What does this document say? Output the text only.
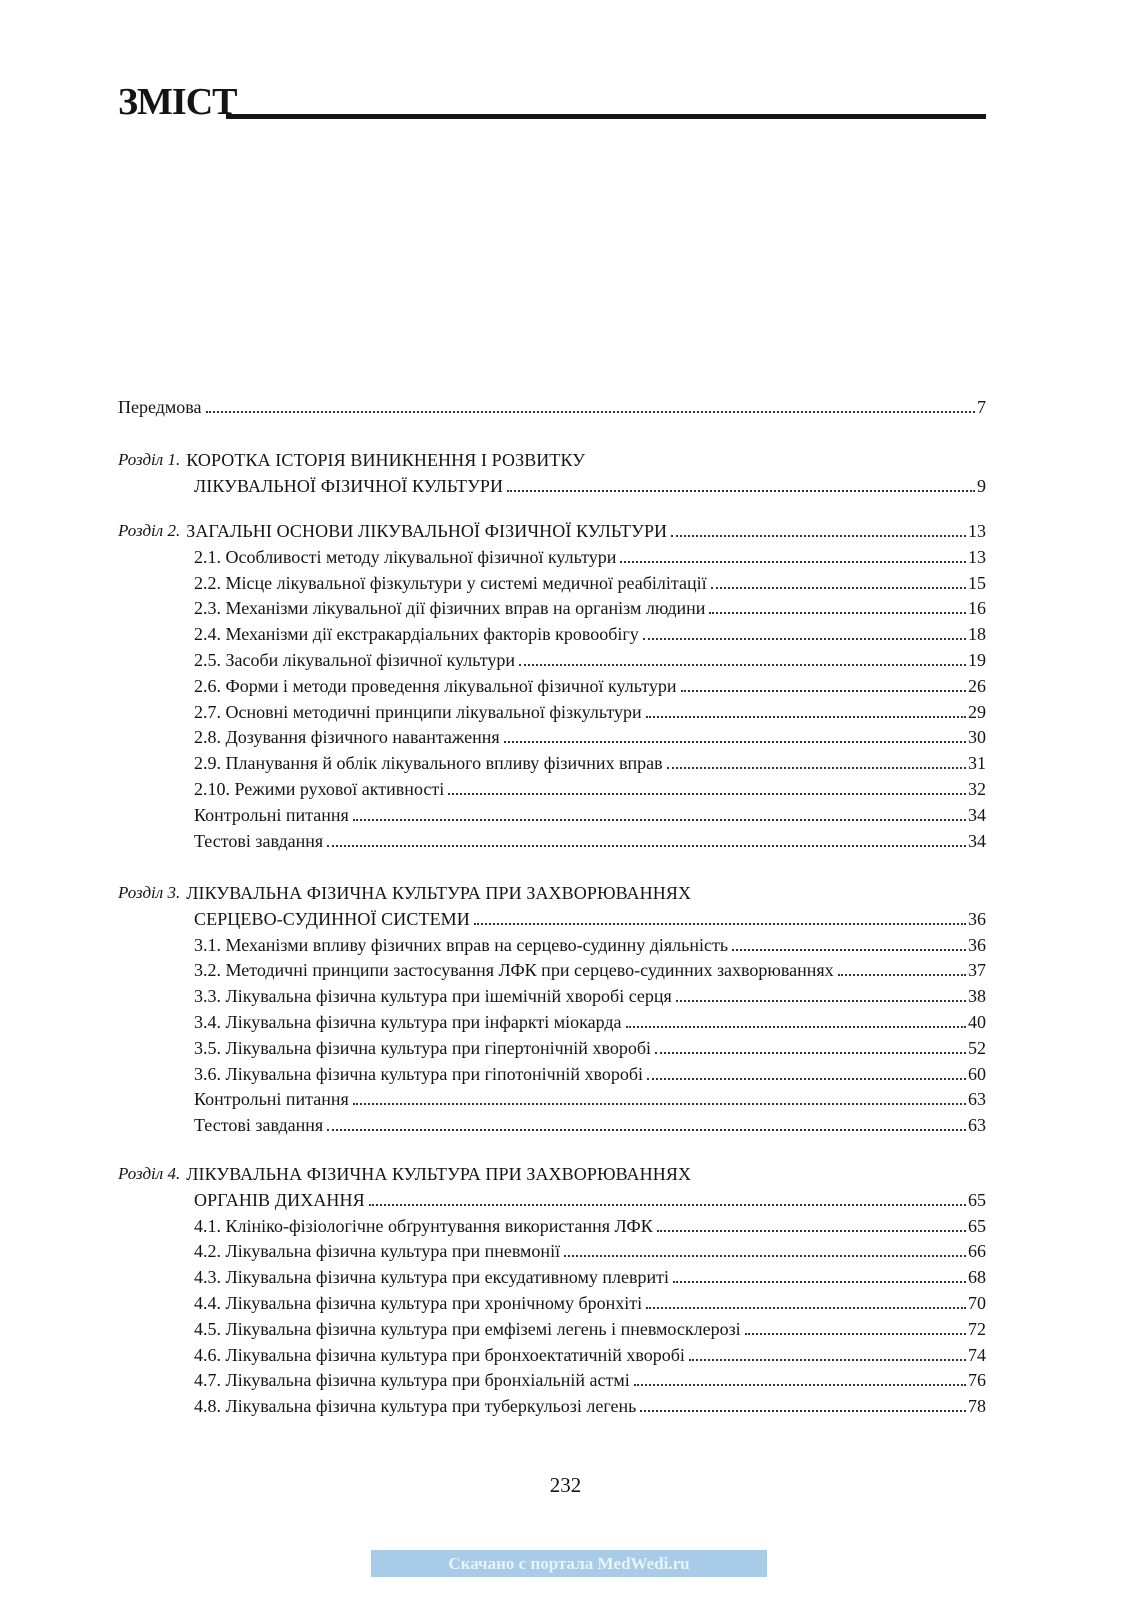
ЗМІСТ
Передмова	7
Розділ 1. КОРОТКА ІСТОРІЯ ВИНИКНЕННЯ І РОЗВИТКУ
ЛІКУВАЛЬНОЇ ФІЗИЧНОЇ КУЛЬТУРИ	9
Розділ 2. ЗАГАЛЬНІ ОСНОВИ ЛІКУВАЛЬНОЇ ФІЗИЧНОЇ КУЛЬТУРИ	13
2.1. Особливості методу лікувальної фізичної культури	13
2.2. Місце лікувальної фізкультури у системі медичної реабілітації	15
2.3. Механізми лікувальної дії фізичних вправ на організм людини	16
2.4. Механізми дії екстракардіальних факторів кровообігу	18
2.5. Засоби лікувальної фізичної культури	19
2.6. Форми і методи проведення лікувальної фізичної культури	26
2.7. Основні методичні принципи лікувальної фізкультури	29
2.8. Дозування фізичного навантаження	30
2.9. Планування й облік лікувального впливу фізичних вправ	31
2.10. Режими рухової активності	32
Контрольні питання	34
Тестові завдання	34
Розділ 3. ЛІКУВАЛЬНА ФІЗИЧНА КУЛЬТУРА ПРИ ЗАХВОРЮВАННЯХ
СЕРЦЕВО-СУДИННОЇ СИСТЕМИ	36
3.1. Механізми впливу фізичних вправ на серцево-судинну діяльність	36
3.2. Методичні принципи застосування ЛФК при серцево-судинних захворюваннях	37
3.3. Лікувальна фізична культура при ішемічній хворобі серця	38
3.4. Лікувальна фізична культура при інфаркті міокарда	40
3.5. Лікувальна фізична культура при гіпертонічній хворобі	52
3.6. Лікувальна фізична культура при гіпотонічній хворобі	60
Контрольні питання	63
Тестові завдання	63
Розділ 4. ЛІКУВАЛЬНА ФІЗИЧНА КУЛЬТУРА ПРИ ЗАХВОРЮВАННЯХ
ОРГАНІВ ДИХАННЯ	65
4.1. Клініко-фізіологічне обґрунтування використання ЛФК	65
4.2. Лікувальна фізична культура при пневмонії	66
4.3. Лікувальна фізична культура при ексудативному плевриті	68
4.4. Лікувальна фізична культура при хронічному бронхіті	70
4.5. Лікувальна фізична культура при емфіземі легень і пневмосклерозі	72
4.6. Лікувальна фізична культура при бронхоектатичній хворобі	74
4.7. Лікувальна фізична культура при бронхіальній астмі	76
4.8. Лікувальна фізична культура при туберкульозі легень	78
232
Скачано с портала MedWedi.ru
